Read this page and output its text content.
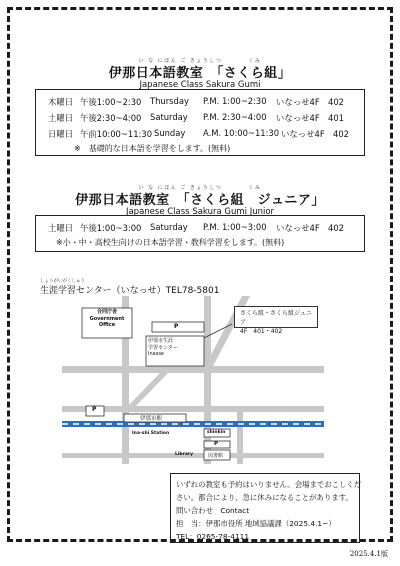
い な にほん ご きょうしつ　　　　くみ
伊那日本語教室　「さくら組」
Japanese Class Sakura Gumi
木曜日 午後1:00~2:30 Thursday P.M. 1:00~2:30 いなっせ4F　402
土曜日 午後2:30~4:00 Saturday P.M. 2:30~4:00 いなっせ4F　401
日曜日 午前10:00~11:30 Sunday A.M. 10:00~11:30 いなっせ4F　402
※　基礎的な日本語を学習をします。(無料)
い な にほん ご きょうしつ　　　　くみ
伊那日本語教室　「さくら組　ジュニア」
Japanese Class Sakura Gumi Junior
土曜日 午後1:00~3:00 Saturday P.M. 1:00~3:00 いなっせ4F　402
※小・中・高校生向けの日本語学習・教科学習をします。(無料)
しょうがいがくしゅう
生涯学習センター（いなっせ）TEL78-5801
合同庁舎
Government
Office	P
伊那市生涯
学習センター
Inasse
さくら組・さくら組ジュニア
4F　401・402
P
伊那市駅
Ina-shi Station	shinkin
P
Library	図書館
いずれの教室も予約はいりません。会場までおこしくだ
さい。都合により、急に休みになることがあります。
問い合わせ　Contact
担　当：伊那市役所 地域協議課（2025.4.1~）
TEL：0265-78-4111
2025.4.1版
